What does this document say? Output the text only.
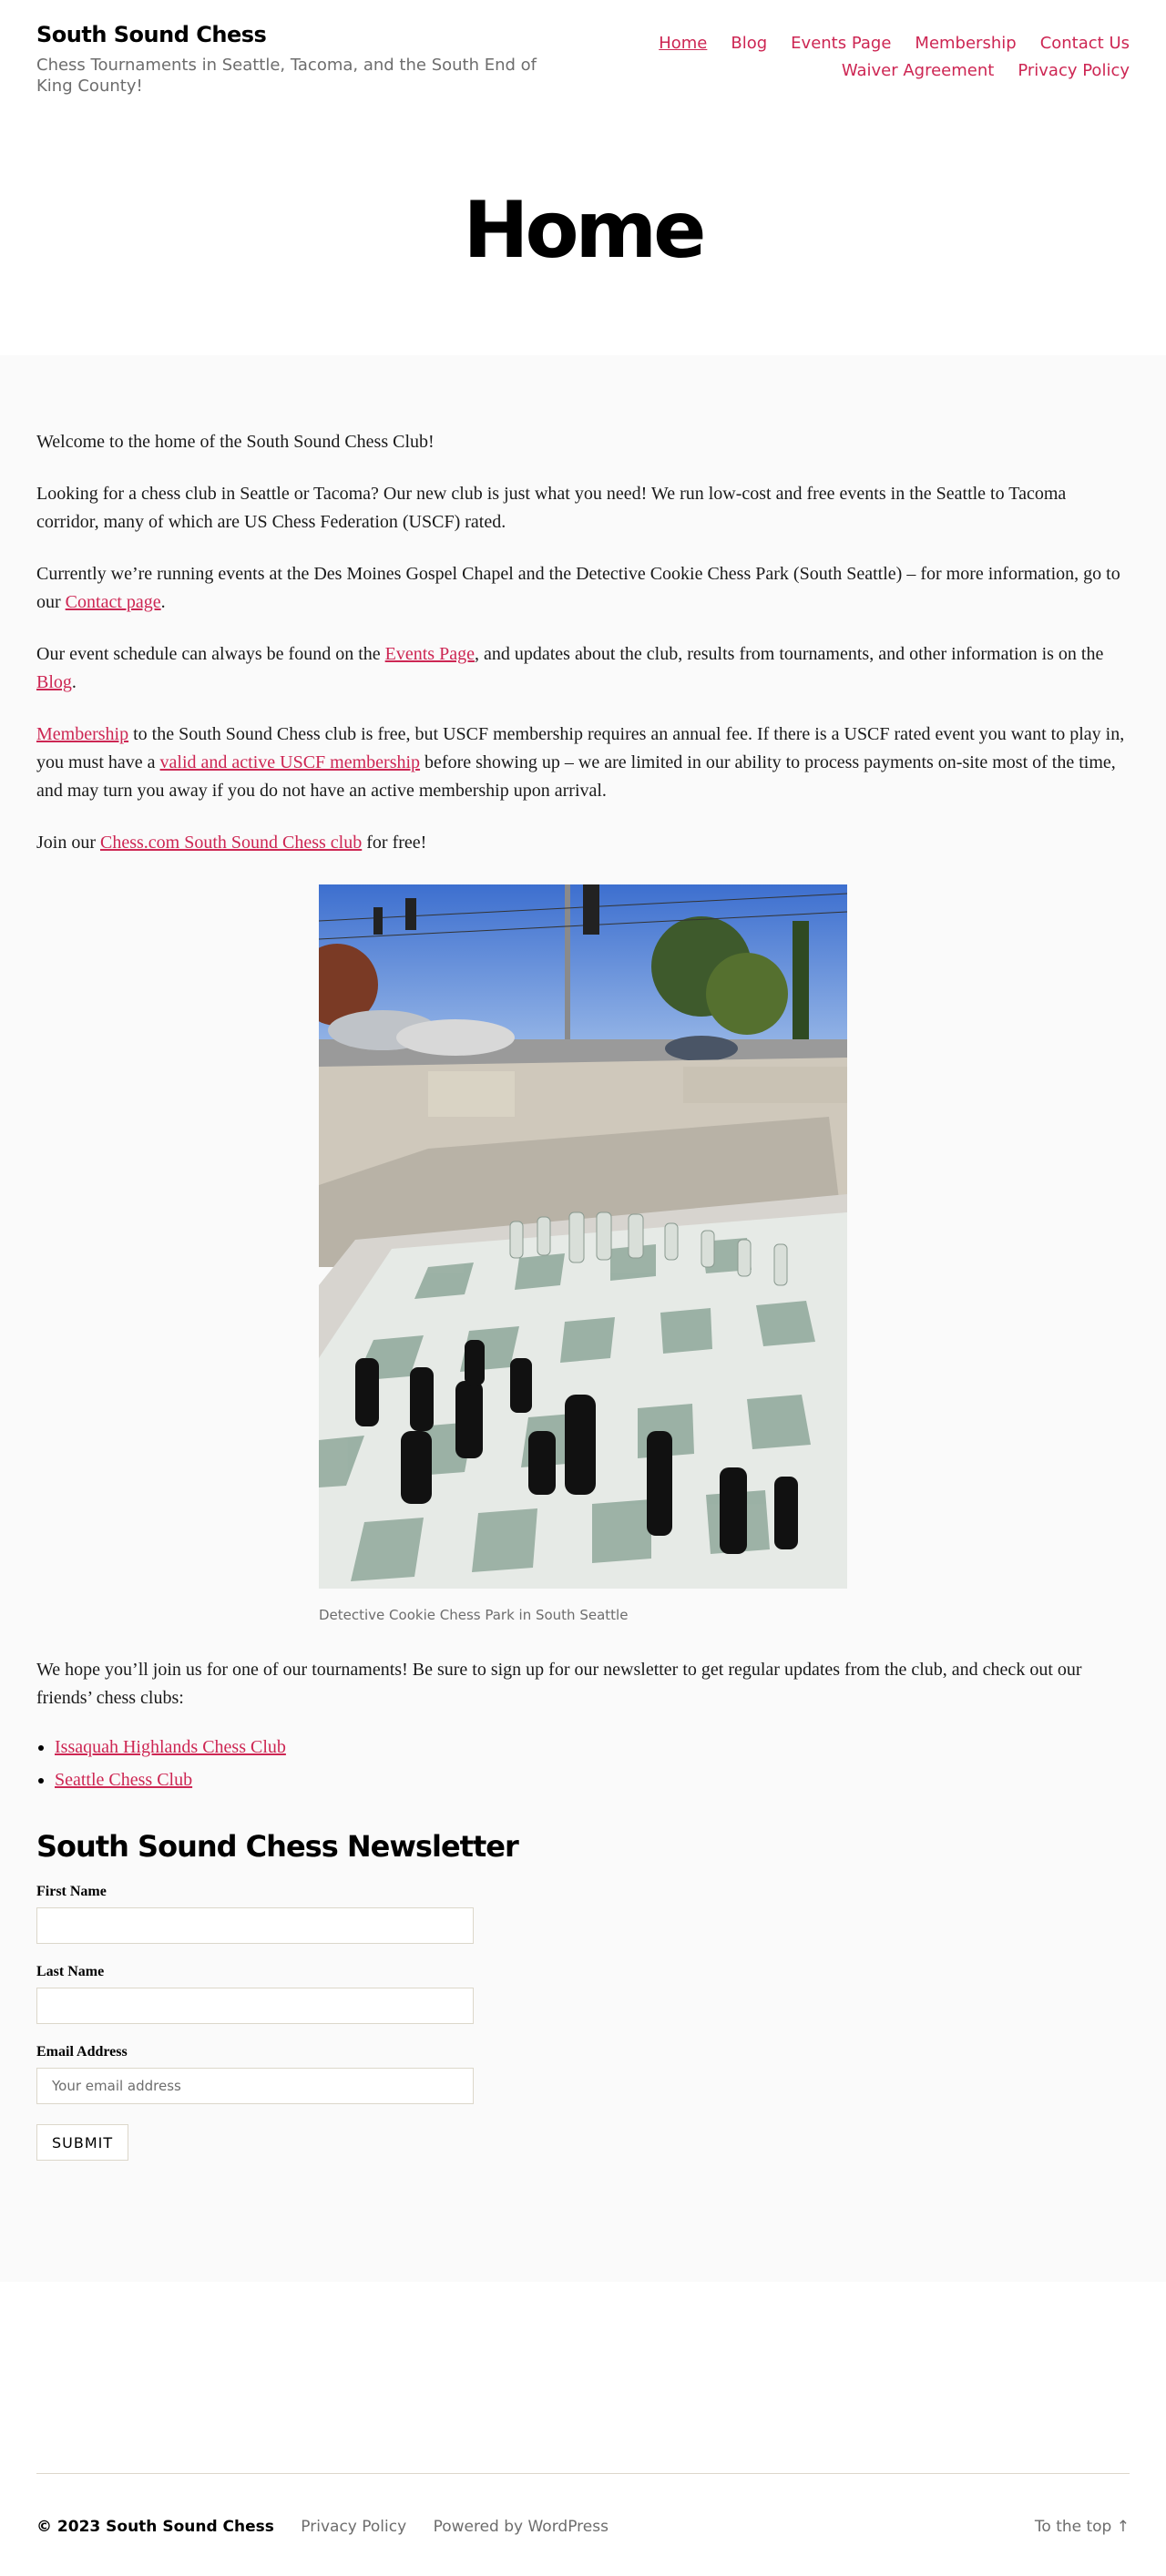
South Sound Chess
Chess Tournaments in Seattle, Tacoma, and the South End of King County!
Home Blog Events Page Membership Contact Us
Waiver Agreement Privacy Policy
Home

Welcome to the home of the South Sound Chess Club!

Looking for a chess club in Seattle or Tacoma? Our new club is just what you need! We run low-cost and free events in the Seattle to Tacoma corridor, many of which are US Chess Federation (USCF) rated.

Currently we’re running events at the Des Moines Gospel Chapel and the Detective Cookie Chess Park (South Seattle) – for more information, go to our Contact page.

Our event schedule can always be found on the Events Page, and updates about the club, results from tournaments, and other information is on the Blog.

Membership to the South Sound Chess club is free, but USCF membership requires an annual fee. If there is a USCF rated event you want to play in, you must have a valid and active USCF membership before showing up – we are limited in our ability to process payments on-site most of the time, and may turn you away if you do not have an active membership upon arrival.

Join our Chess.com South Sound Chess club for free!

Detective Cookie Chess Park in South Seattle

We hope you’ll join us for one of our tournaments! Be sure to sign up for our newsletter to get regular updates from the club, and check out our friends’ chess clubs:

• Issaquah Highlands Chess Club
• Seattle Chess Club
South Sound Chess Newsletter
First Name
Last Name
Email Address
Your email address
SUBMIT
© 2023 South Sound Chess Privacy Policy Powered by WordPress	To the top ↑
